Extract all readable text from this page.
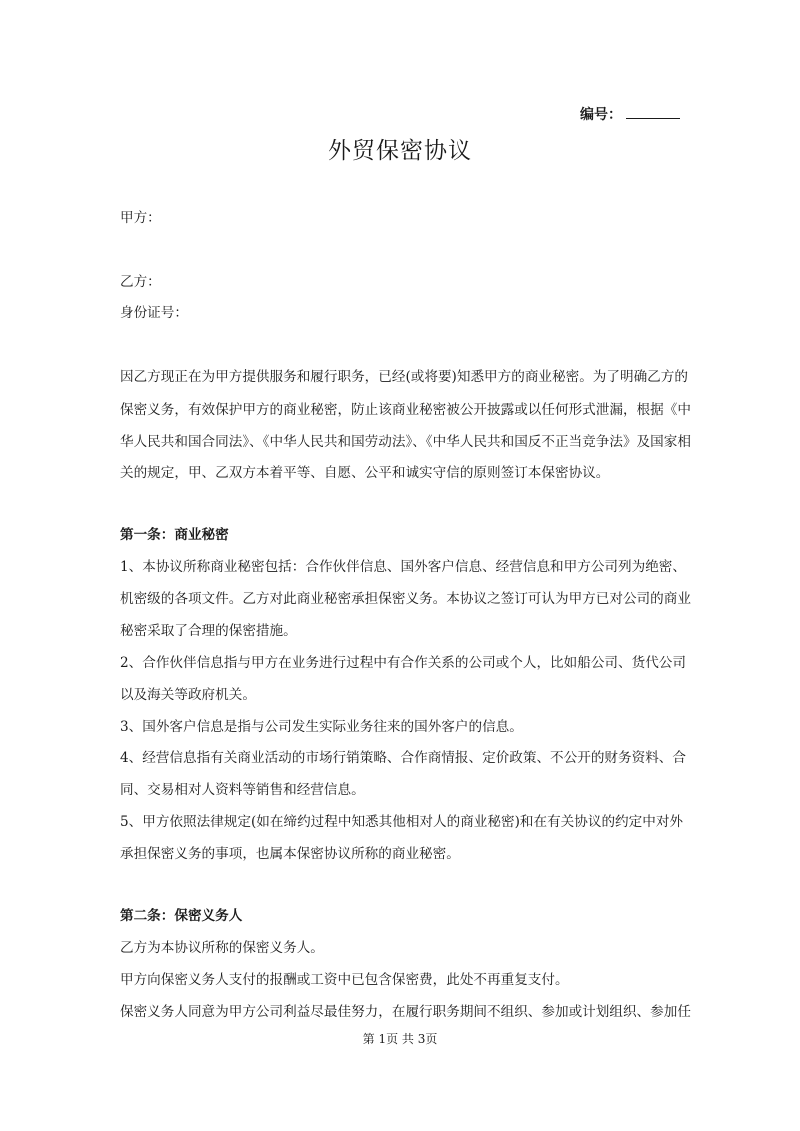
编号：
外贸保密协议
甲方：
乙方：
身份证号：
因乙方现正在为甲方提供服务和履行职务，已经(或将要)知悉甲方的商业秘密。为了明确乙方的
保密义务，有效保护甲方的商业秘密，防止该商业秘密被公开披露或以任何形式泄漏，根据《中
华人民共和国合同法》、《中华人民共和国劳动法》、《中华人民共和国反不正当竞争法》及国家相
关的规定，甲、乙双方本着平等、自愿、公平和诚实守信的原则签订本保密协议。
第一条：商业秘密
1、本协议所称商业秘密包括：合作伙伴信息、国外客户信息、经营信息和甲方公司列为绝密、
机密级的各项文件。乙方对此商业秘密承担保密义务。本协议之签订可认为甲方已对公司的商业
秘密采取了合理的保密措施。
2、合作伙伴信息指与甲方在业务进行过程中有合作关系的公司或个人，比如船公司、货代公司
以及海关等政府机关。
3、国外客户信息是指与公司发生实际业务往来的国外客户的信息。
4、经营信息指有关商业活动的市场行销策略、合作商情报、定价政策、不公开的财务资料、合
同、交易相对人资料等销售和经营信息。
5、甲方依照法律规定(如在缔约过程中知悉其他相对人的商业秘密)和在有关协议的约定中对外
承担保密义务的事项，也属本保密协议所称的商业秘密。
第二条：保密义务人
乙方为本协议所称的保密义务人。
甲方向保密义务人支付的报酬或工资中已包含保密费，此处不再重复支付。
保密义务人同意为甲方公司利益尽最佳努力，在履行职务期间不组织、参加或计划组织、参加任
第 1页 共 3页
